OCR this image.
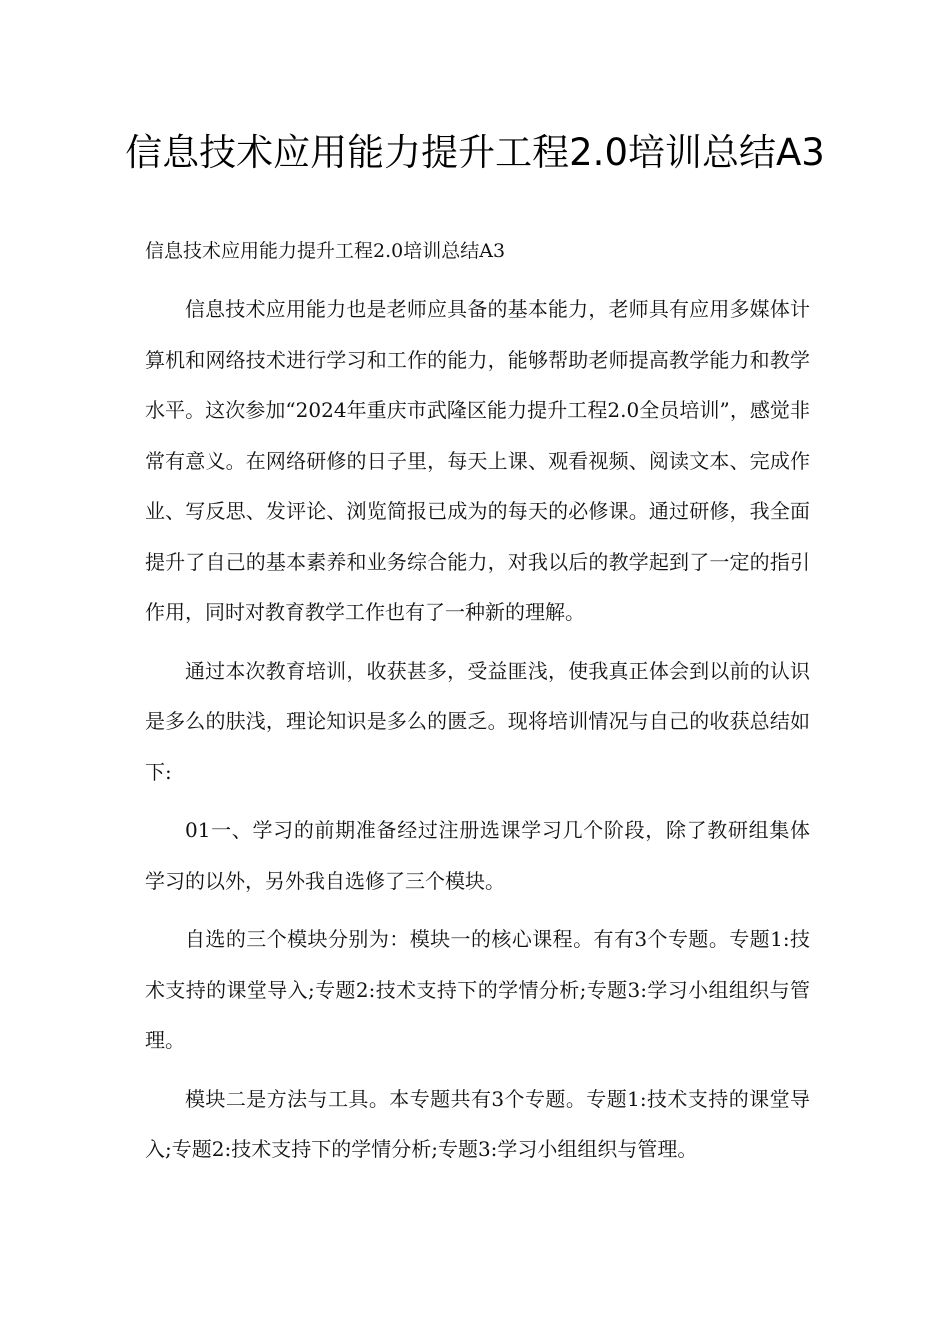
信息技术应用能力提升工程2.0培训总结A3
信息技术应用能力提升工程2.0培训总结A3

信息技术应用能力也是老师应具备的基本能力，老师具有应用多媒体计算机和网络技术进行学习和工作的能力，能够帮助老师提高教学能力和教学水平。这次参加“2024年重庆市武隆区能力提升工程2.0全员培训”，感觉非常有意义。在网络研修的日子里，每天上课、观看视频、阅读文本、完成作业、写反思、发评论、浏览简报已成为的每天的必修课。通过研修，我全面提升了自己的基本素养和业务综合能力，对我以后的教学起到了一定的指引作用，同时对教育教学工作也有了一种新的理解。

通过本次教育培训，收获甚多，受益匪浅，使我真正体会到以前的认识是多么的肤浅，理论知识是多么的匮乏。现将培训情况与自己的收获总结如下:

01一、学习的前期准备经过注册选课学习几个阶段，除了教研组集体学习的以外，另外我自选修了三个模块。

自选的三个模块分别为：模块一的核心课程。有有3个专题。专题1:技术支持的课堂导入;专题2:技术支持下的学情分析;专题3:学习小组组织与管理。

模块二是方法与工具。本专题共有3个专题。专题1:技术支持的课堂导入;专题2:技术支持下的学情分析;专题3:学习小组组织与管理。
